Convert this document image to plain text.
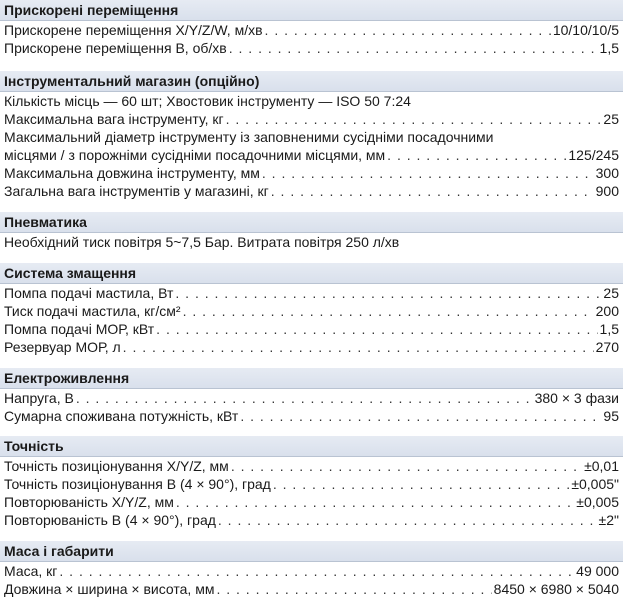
Прискорені переміщення
Прискорене переміщення X/Y/Z/W, м/хв . . .	10/10/10/5
Прискорене переміщення B, об/хв . . .	1,5
Інструментальний магазин (опційно)
Кількість місць — 60 шт; Хвостовик інструменту — ISO 50 7:24
Максимальна вага інструменту, кг . . .	25
Максимальний діаметр інструменту із заповненими сусідніми посадочними
місцями / з порожніми сусідніми посадочними місцями, мм . . .	125/245
Максимальна довжина інструменту, мм . . .	300
Загальна вага інструментів у магазині, кг . . .	900
Пневматика
Необхідний тиск повітря 5~7,5 Бар. Витрата повітря 250 л/хв
Система змащення
Помпа подачі мастила, Вт . . .	25
Тиск подачі мастила, кг/см² . . .	200
Помпа подачі МОР, кВт . . .	1,5
Резервуар МОР, л . . .	270
Електроживлення
Напруга, В . . .	380 × 3 фази
Сумарна споживана потужність, кВт . . .	95
Точність
Точність позиціонування X/Y/Z, мм . . .	±0,01
Точність позиціонування B (4 × 90°), град . . .	±0,005"
Повторюваність X/Y/Z, мм . . .	±0,005
Повторюваність B (4 × 90°), град . . .	±2"
Маса і габарити
Маса, кг . . .	49 000
Довжина × ширина × висота, мм . . .	8450 × 6980 × 5040
